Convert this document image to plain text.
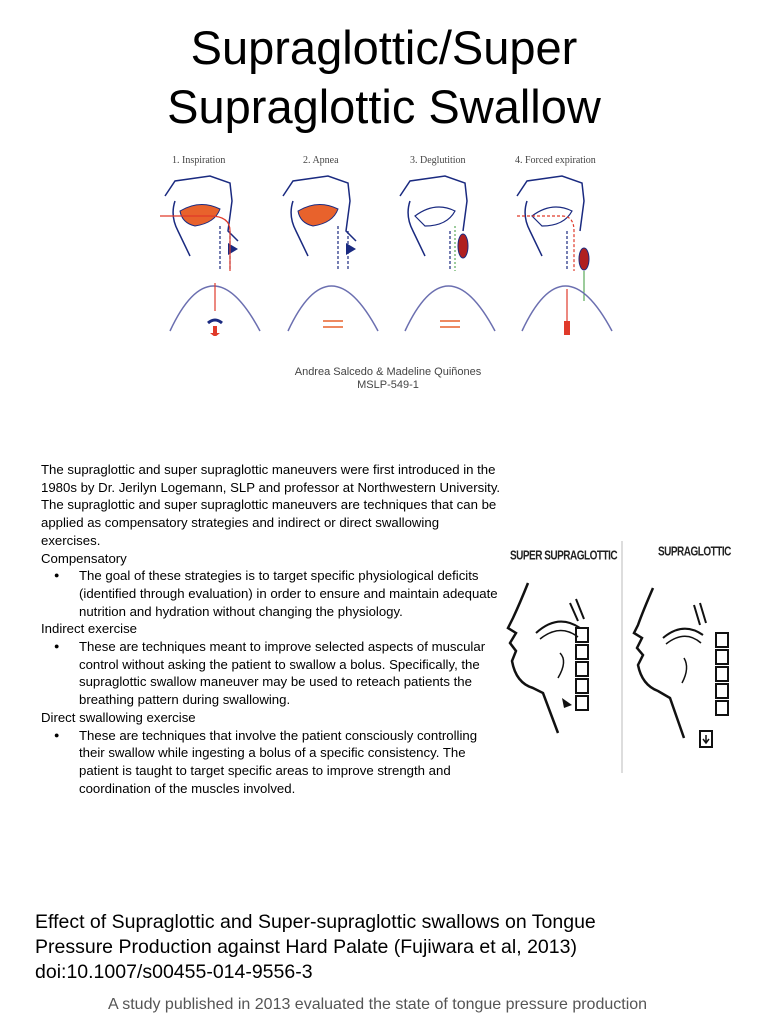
Supraglottic/Super
Supraglottic Swallow
1. Inspiration	2. Apnea	3. Deglutition	4. Forced expiration
Andrea Salcedo & Madeline Quiñones
MSLP-549-1

The supraglottic and super supraglottic maneuvers were first introduced in the 1980s by Dr. Jerilyn Logemann, SLP and professor at Northwestern University. The supraglottic and super supraglottic maneuvers are techniques that can be applied as compensatory strategies and indirect or direct swallowing exercises.

Compensatory

● The goal of these strategies is to target specific physiological deficits (identified through evaluation) in order to ensure and maintain adequate nutrition and hydration without changing the physiology.

Indirect exercise

● These are techniques meant to improve selected aspects of muscular control without asking the patient to swallow a bolus. Specifically, the supraglottic swallow maneuver may be used to reteach patients the breathing pattern during swallowing.

Direct swallowing exercise

● These are techniques that involve the patient consciously controlling their swallow while ingesting a bolus of a specific consistency. The patient is taught to target specific areas to improve strength and coordination of the muscles involved.
SUPER SUPRAGLOTTIC	SUPRAGLOTTIC
Effect of Supraglottic and Super-supraglottic swallows on Tongue
Pressure Production against Hard Palate (Fujiwara et al, 2013)
doi:10.1007/s00455-014-9556-3
A study published in 2013 evaluated the state of tongue pressure production
